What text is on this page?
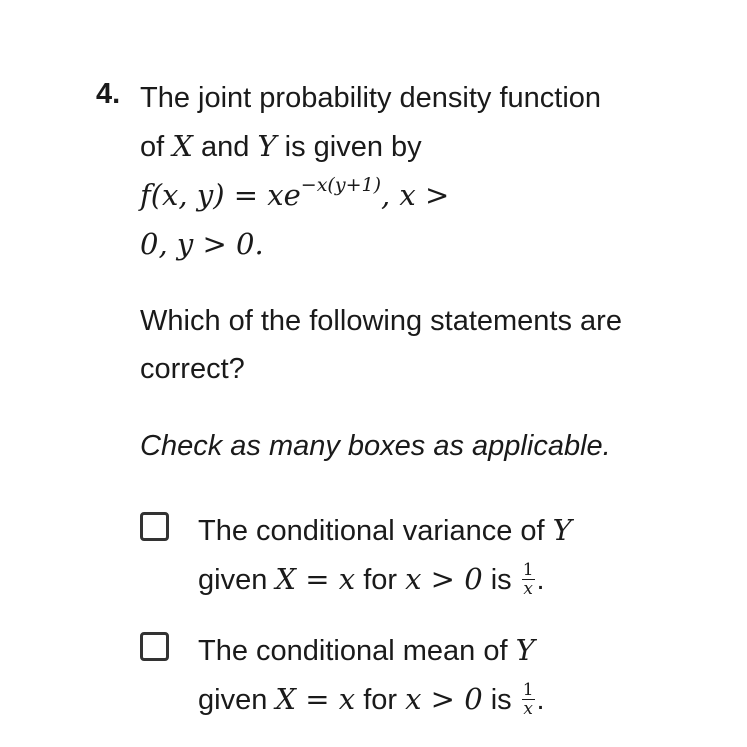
4. The joint probability density function
of X and Y is given by
f(x, $y) = xe^{-x(y+1)}$, x >
0, y > 0.
Which of the following statements are correct?
Check as many boxes as applicable.
The conditional variance of Y
given X = x for x > 0 is $\frac{1}{x}$ .
The conditional mean of Y
given X = x for x > 0 is $\frac{1}{x}$ .
